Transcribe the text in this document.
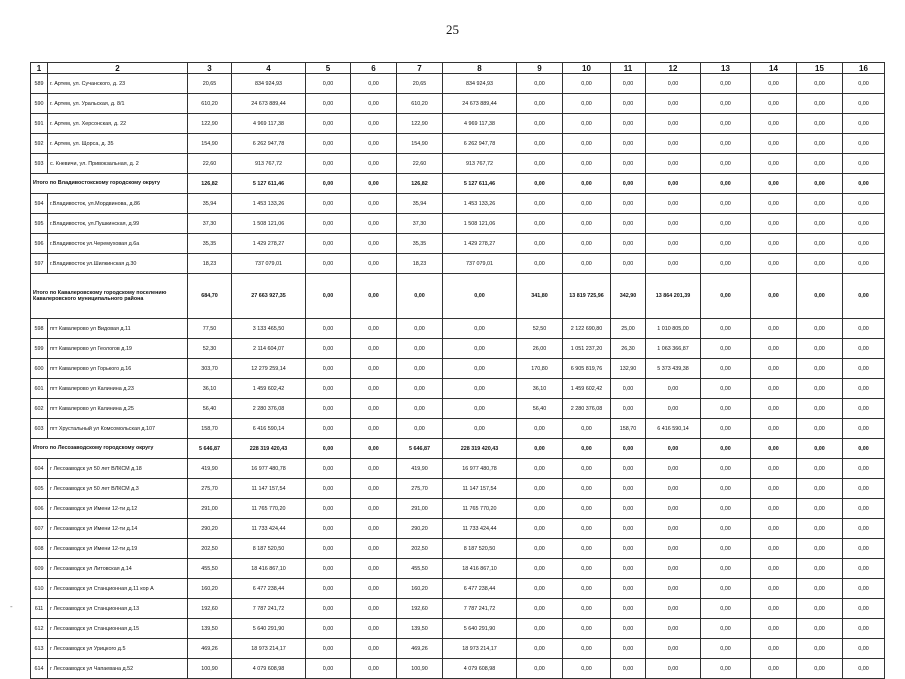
25
1	2	3	4	5	6	7	8	9	10	11	12	13	14	15	16
589	г. Артем, ул. Сучанского, д. 23	20,65	834 924,93	0,00	0,00	20,65	834 924,93	0,00	0,00	0,00	0,00	0,00	0,00	0,00	0,00
590	г. Артем, ул. Уральская, д. 8/1	610,20	24 673 889,44	0,00	0,00	610,20	24 673 889,44	0,00	0,00	0,00	0,00	0,00	0,00	0,00	0,00
591	г. Артем, ул. Херсонская, д. 22	122,90	4 969 117,38	0,00	0,00	122,90	4 969 117,38	0,00	0,00	0,00	0,00	0,00	0,00	0,00	0,00
592	г. Артем, ул. Щорса, д. 35	154,90	6 262 947,78	0,00	0,00	154,90	6 262 947,78	0,00	0,00	0,00	0,00	0,00	0,00	0,00	0,00
593	с. Кневичи, ул. Привокзальная, д. 2	22,60	913 767,72	0,00	0,00	22,60	913 767,72	0,00	0,00	0,00	0,00	0,00	0,00	0,00	0,00
Итого по Владивостокскому городскому округу		126,82	5 127 611,46	0,00	0,00	126,82	5 127 611,46	0,00	0,00	0,00	0,00	0,00	0,00	0,00	0,00
594	г.Владивосток, ул.Мордвинова, д.86	35,94	1 453 133,26	0,00	0,00	35,94	1 453 133,26	0,00	0,00	0,00	0,00	0,00	0,00	0,00	0,00
595	г.Владивосток, ул.Пушкинская, д.99	37,30	1 508 121,06	0,00	0,00	37,30	1 508 121,06	0,00	0,00	0,00	0,00	0,00	0,00	0,00	0,00
596	г.Владивосток ул.Черемуховая д.6а	35,35	1 429 278,27	0,00	0,00	35,35	1 429 278,27	0,00	0,00	0,00	0,00	0,00	0,00	0,00	0,00
597	г.Владивосток ул.Шилкинская д.30	18,23	737 079,01	0,00	0,00	18,23	737 079,01	0,00	0,00	0,00	0,00	0,00	0,00	0,00	0,00
Итого по Кавалеровскому городскому поселению Кавалеровского муниципального района		684,70	27 663 927,35	0,00	0,00	0,00	0,00	341,80	13 819 725,96	342,90	13 864 201,39	0,00	0,00	0,00	0,00
598	пгт Кавалерово ул Видовая д.11	77,50	3 133 465,50	0,00	0,00	0,00	0,00	52,50	2 122 690,80	25,00	1 010 805,00	0,00	0,00	0,00	0,00
599	пгт Кавалерово ул Геологов д.19	52,30	2 114 604,07	0,00	0,00	0,00	0,00	26,00	1 051 237,20	26,30	1 063 366,87	0,00	0,00	0,00	0,00
600	пгт Кавалерово ул Горького д.16	303,70	12 279 259,14	0,00	0,00	0,00	0,00	170,80	6 905 819,76	132,90	5 373 439,38	0,00	0,00	0,00	0,00
601	пгт Кавалерово ул Калинина д.23	36,10	1 459 602,42	0,00	0,00	0,00	0,00	36,10	1 459 602,42	0,00	0,00	0,00	0,00	0,00	0,00
602	пгт Кавалерово ул Калинина д.25	56,40	2 280 376,08	0,00	0,00	0,00	0,00	56,40	2 280 376,08	0,00	0,00	0,00	0,00	0,00	0,00
603	пгт Хрустальный ул Комсомольская д.107	158,70	6 416 590,14	0,00	0,00	0,00	0,00	0,00	0,00	158,70	6 416 590,14	0,00	0,00	0,00	0,00
Итого по Лесозаводскому городскому округу		5 646,87	228 319 420,43	0,00	0,00	5 646,87	228 319 420,43	0,00	0,00	0,00	0,00	0,00	0,00	0,00	0,00
604	г Лесозаводск ул 50 лет ВЛКСМ д.18	419,90	16 977 480,78	0,00	0,00	419,90	16 977 480,78	0,00	0,00	0,00	0,00	0,00	0,00	0,00	0,00
605	г Лесозаводск ул 50 лет ВЛКСМ д.3	275,70	11 147 157,54	0,00	0,00	275,70	11 147 157,54	0,00	0,00	0,00	0,00	0,00	0,00	0,00	0,00
606	г Лесозаводск ул Имени 12-ти д.12	291,00	11 765 770,20	0,00	0,00	291,00	11 765 770,20	0,00	0,00	0,00	0,00	0,00	0,00	0,00	0,00
607	г Лесозаводск ул Имени 12-ти д.14	290,20	11 733 424,44	0,00	0,00	290,20	11 733 424,44	0,00	0,00	0,00	0,00	0,00	0,00	0,00	0,00
608	г Лесозаводск ул Имени 12-ти д.19	202,50	8 187 520,50	0,00	0,00	202,50	8 187 520,50	0,00	0,00	0,00	0,00	0,00	0,00	0,00	0,00
609	г Лесозаводск ул Литовская д.14	455,50	18 416 867,10	0,00	0,00	455,50	18 416 867,10	0,00	0,00	0,00	0,00	0,00	0,00	0,00	0,00
610	г Лесозаводск ул Станционная д.11 кор А	160,20	6 477 238,44	0,00	0,00	160,20	6 477 238,44	0,00	0,00	0,00	0,00	0,00	0,00	0,00	0,00
611	г Лесозаводск ул Станционная д.13	192,60	7 787 241,72	0,00	0,00	192,60	7 787 241,72	0,00	0,00	0,00	0,00	0,00	0,00	0,00	0,00
612	г Лесозаводск ул Станционная д.15	139,50	5 640 291,90	0,00	0,00	139,50	5 640 291,90	0,00	0,00	0,00	0,00	0,00	0,00	0,00	0,00
613	г Лесозаводск ул Урицкого д.5	469,26	18 973 214,17	0,00	0,00	469,26	18 973 214,17	0,00	0,00	0,00	0,00	0,00	0,00	0,00	0,00
614	г Лесозаводск ул Чапаевана д.52	100,90	4 079 608,98	0,00	0,00	100,90	4 079 608,98	0,00	0,00	0,00	0,00	0,00	0,00	0,00	0,00
-
